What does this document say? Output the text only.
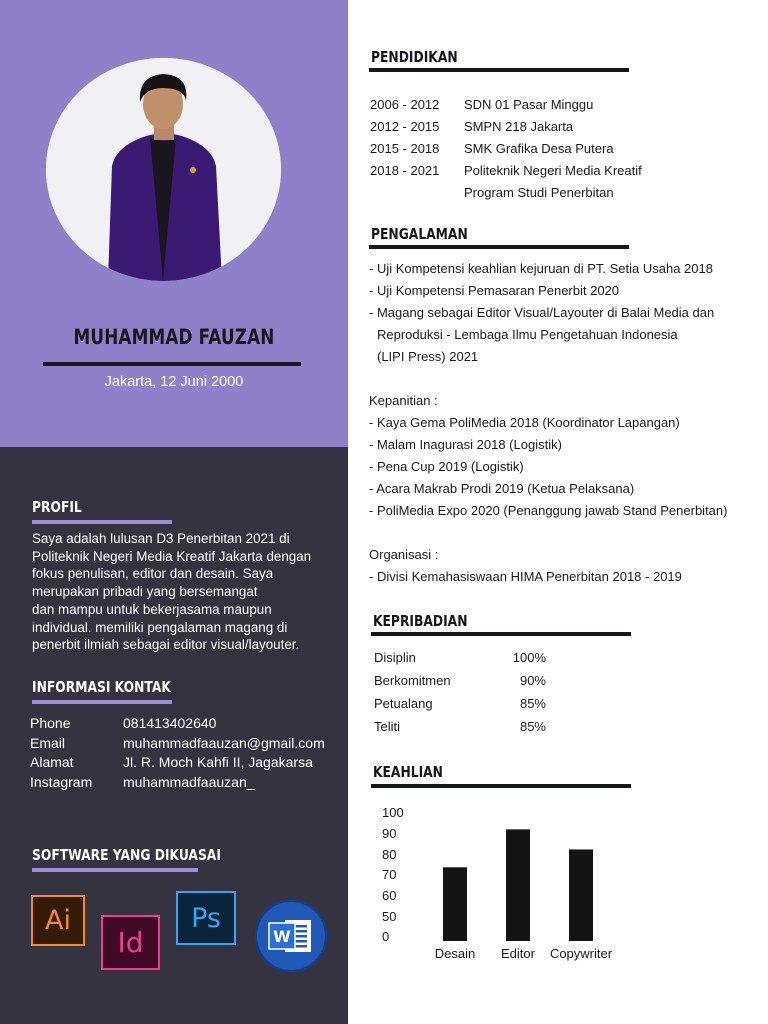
MUHAMMAD FAUZAN
Jakarta, 12 Juni 2000
PROFIL
Saya adalah lulusan D3 Penerbitan 2021 di
Politeknik Negeri Media Kreatif Jakarta dengan
fokus penulisan, editor dan desain. Saya
merupakan pribadi yang bersemangat
dan mampu untuk bekerjasama maupun
individual. memiliki pengalaman magang di
penerbit ilmiah sebagai editor visual/layouter.
INFORMASI KONTAK
Phone	081413402640
Email	muhammadfaauzan@gmail.com
Alamat	Jl. R. Moch Kahfi II, Jagakarsa
Instagram	muhammadfaauzan_
SOFTWARE YANG DIKUASAI
Ai
Id
Ps
W
PENDIDIKAN
2006 - 2012	SDN 01 Pasar Minggu
2012 - 2015	SMPN 218 Jakarta
2015 - 2018	SMK Grafika Desa Putera
2018 - 2021	Politeknik Negeri Media Kreatif
Program Studi Penerbitan
PENGALAMAN
- Uji Kompetensi keahlian kejuruan di PT. Setia Usaha 2018
- Uji Kompetensi Pemasaran Penerbit 2020
- Magang sebagai Editor Visual/Layouter di Balai Media dan
Reproduksi - Lembaga Ilmu Pengetahuan Indonesia
(LIPI Press) 2021
Kepanitian :
- Kaya Gema PoliMedia 2018 (Koordinator Lapangan)
- Malam Inagurasi 2018 (Logistik)
- Pena Cup 2019 (Logistik)
- Acara Makrab Prodi 2019 (Ketua Pelaksana)
- PoliMedia Expo 2020 (Penanggung jawab Stand Penerbitan)
Organisasi :
- Divisi Kemahasiswaan HIMA Penerbitan 2018 - 2019
KEPRIBADIAN
Disiplin	100%
Berkomitmen	90%
Petualang	85%
Teliti	85%
KEAHLIAN
100
90
80
70
60
50
0
Desain Editor Copywriter
